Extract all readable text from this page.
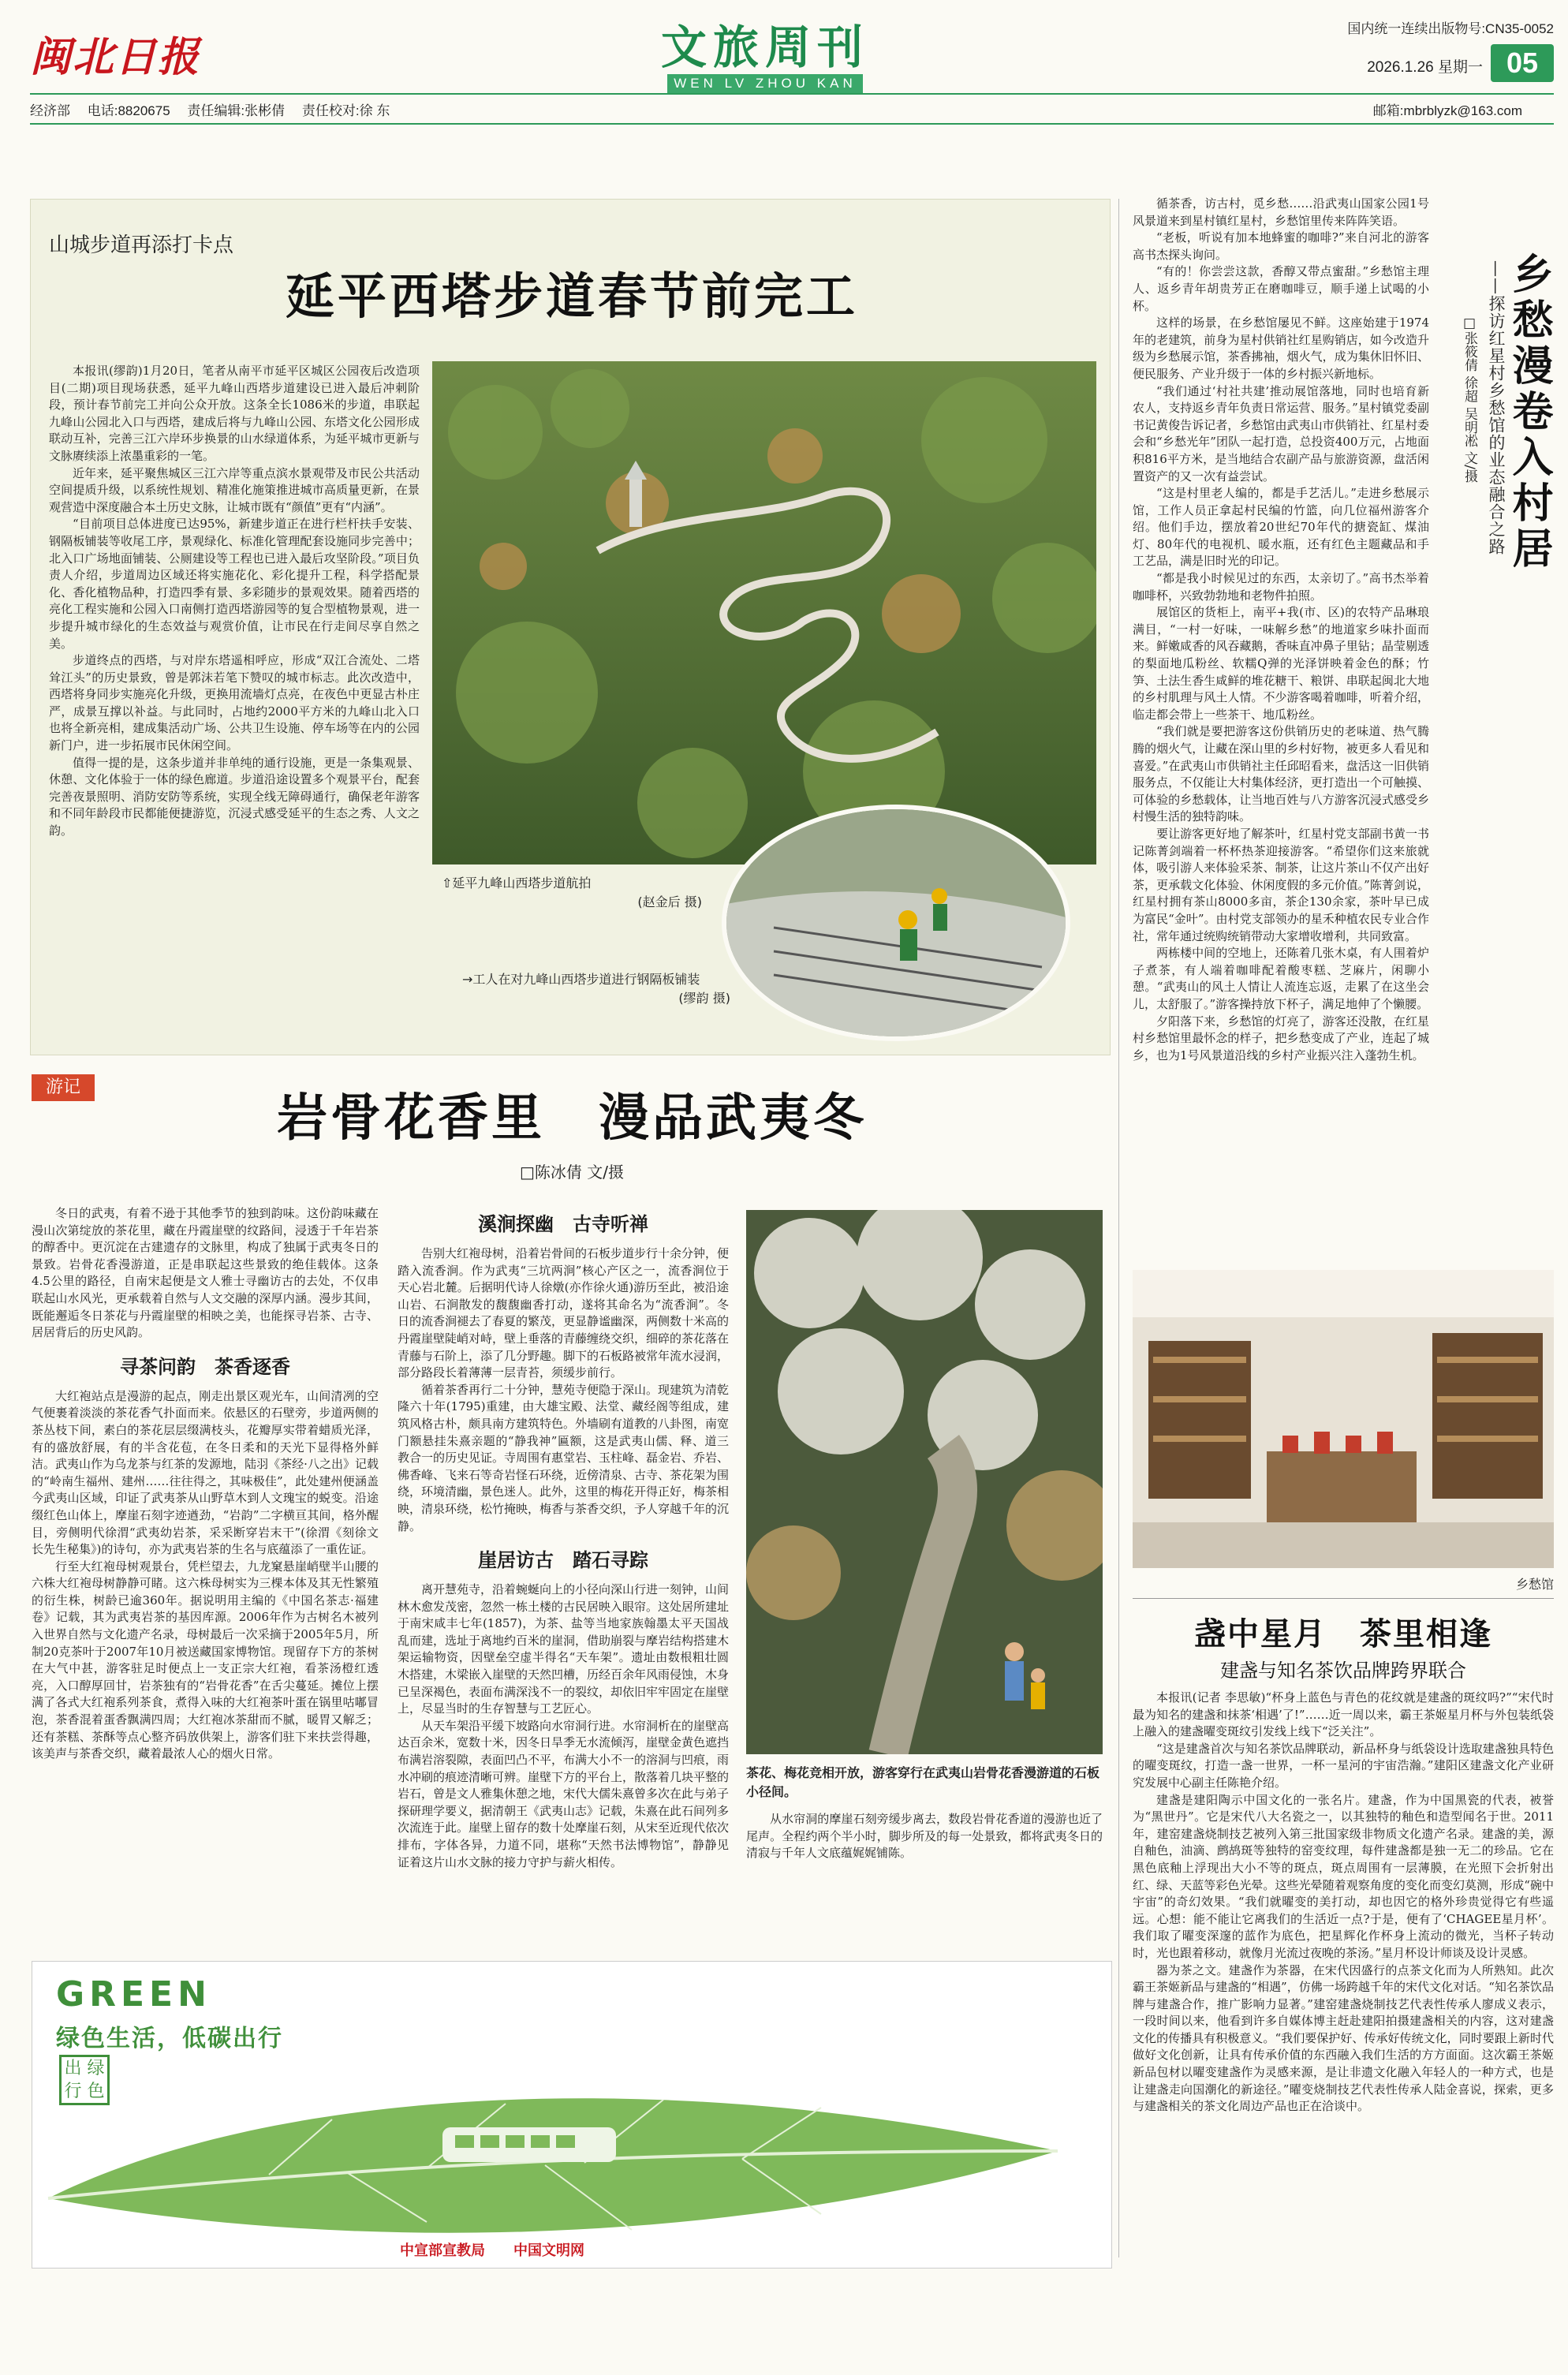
闽北日报	文旅周刊
WEN LV ZHOU KAN
国内统一连续出版物号:CN35-0052
2026.1.26 星期一 05
经济部  电话:8820675  责任编辑:张彬倩  责任校对:徐 东	邮箱:mbrblyzk@163.com
山城步道再添打卡点
延平西塔步道春节前完工

本报讯(缪韵)1月20日，笔者从南平市延平区城区公园夜后改造项目(二期)项目现场获悉，延平九峰山西塔步道建设已进入最后冲刺阶段，预计春节前完工并向公众开放。这条全长1086米的步道，串联起九峰山公园北入口与西塔，建成后将与九峰山公园、东塔文化公园形成联动互补，完善三江六岸环步换景的山水绿道体系，为延平城市更新与文脉赓续添上浓墨重彩的一笔。

近年来，延平聚焦城区三江六岸等重点滨水景观带及市民公共活动空间提质升级，以系统性规划、精准化施策推进城市高质量更新，在景观营造中深度融合本土历史文脉，让城市既有“颜值”更有“内涵”。

“目前项目总体进度已达95%，新建步道正在进行栏杆扶手安装、钢隔板铺装等收尾工序，景观绿化、标准化管理配套设施同步完善中；北入口广场地面铺装、公厕建设等工程也已进入最后攻坚阶段。”项目负责人介绍，步道周边区域还将实施花化、彩化提升工程，科学搭配景化、香化植物品种，打造四季有景、多彩随步的景观效果。随着西塔的亮化工程实施和公园入口南侧打造西塔游园等的复合型植物景观，进一步提升城市绿化的生态效益与观赏价值，让市民在行走间尽享自然之美。

步道终点的西塔，与对岸东塔遥相呼应，形成“双江合流处、二塔耸江头”的历史景致，曾是郭沫若笔下赞叹的城市标志。此次改造中，西塔将身同步实施亮化升级，更换用流墙灯点亮，在夜色中更显古朴庄严，成景互撑以补益。与此同时，占地约2000平方米的九峰山北入口也将全新亮相，建成集活动广场、公共卫生设施、停车场等在内的公园新门户，进一步拓展市民休闲空间。

值得一提的是，这条步道并非单纯的通行设施，更是一条集观景、休憩、文化体验于一体的绿色廊道。步道沿途设置多个观景平台，配套完善夜景照明、消防安防等系统，实现全线无障碍通行，确保老年游客和不同年龄段市民都能便捷游览，沉浸式感受延平的生态之秀、人文之韵。

⇧延平九峰山西塔步道航拍
(赵金后 摄)
→工人在对九峰山西塔步道进行钢隔板铺装
(缪韵 摄)
游记
岩骨花香里　漫品武夷冬
□陈冰倩 文/摄

冬日的武夷，有着不逊于其他季节的独到韵味。这份韵味藏在漫山次第绽放的茶花里，藏在丹霞崖壁的纹路间，浸透于千年岩茶的醇香中。更沉淀在古建遗存的文脉里，构成了独属于武夷冬日的景致。岩骨花香漫游道，正是串联起这些景致的绝佳载体。这条4.5公里的路径，自南宋起便是文人雅士寻幽访古的去处，不仅串联起山水风光，更承载着自然与人文交融的深厚内涵。漫步其间，既能邂逅冬日茶花与丹霞崖壁的相映之美，也能探寻岩茶、古寺、居居背后的历史风韵。

寻茶问韵　茶香逐香

大红袍站点是漫游的起点，刚走出景区观光车，山间清冽的空气便裹着淡淡的茶花香气扑面而来。依悬区的石壁旁，步道两侧的茶丛枝下间，素白的茶花层层缀满枝头，花瓣厚实带着蜡质光泽，有的盛放舒展，有的半含花苞，在冬日柔和的天光下显得格外鲜洁。武夷山作为乌龙茶与红茶的发源地，陆羽《茶经·八之出》记载的“岭南生福州、建州……往往得之，其味极佳”，此处建州便涵盖今武夷山区域，印证了武夷茶从山野草木到人文瑰宝的蜕变。沿途缀红色山体上，摩崖石刻字迹遒劲，“岩韵”二字横亘其间，格外醒目，旁侧明代徐渭“武夷幼岩茶，采采断穿岩末干”(徐渭《刻徐文长先生秘集》)的诗句，亦为武夷岩茶的生名与底蕴添了一重佐证。

行至大红袍母树观景台，凭栏望去，九龙窠悬崖峭壁半山腰的六株大红袍母树静静可睹。这六株母树实为三棵本体及其无性繁殖的衍生株，树龄已逾360年。据说明用主编的《中国名茶志·福建卷》记载，其为武夷岩茶的基因库源。2006年作为古树名木被列入世界自然与文化遗产名录，母树最后一次采摘于2005年5月，所制20克茶叶于2007年10月被送藏国家博物馆。现留存下方的茶树在大气中甚，游客驻足时便点上一支正宗大红袍，看茶汤橙红透亮，入口醇厚回甘，岩茶独有的“岩骨花香”在舌尖蔓延。摊位上摆满了各式大红袍系列茶食，煮得入味的大红袍茶叶蛋在锅里咕嘟冒泡，茶香混着蛋香飘满四周；大红袍冰茶甜而不腻，暖胃又解乏；还有茶糕、茶酥等点心整齐码放供架上，游客们驻下来扶尝得趣，该美声与茶香交织，藏着最浓人心的烟火日常。

溪涧探幽　古寺听禅

告别大红袍母树，沿着岩骨间的石板步道步行十余分钟，便踏入流香涧。作为武夷“三坑两涧”核心产区之一，流香涧位于天心岩北麓。后据明代诗人徐燉(亦作徐火通)游历至此，被沿途山岩、石涧散发的馥馥幽香打动，遂将其命名为“流香涧”。冬日的流香涧褪去了春夏的繁茂，更显静谧幽深，两侧数十米高的丹霞崖壁陡峭对峙，壁上垂落的青藤缠绕交织，细碎的茶花落在青藤与石阶上，添了几分野趣。脚下的石板路被常年流水浸润，部分路段长着薄薄一层青苔，须缓步前行。

循着茶香再行二十分钟，慧苑寺便隐于深山。现建筑为清乾隆六十年(1795)重建，由大雄宝殿、法堂、藏经阁等组成，建筑风格古朴，颇具南方建筑特色。外墙刷有道教的八卦图，南宽门额悬挂朱熹亲题的“静我神”匾额，这是武夷山儒、释、道三教合一的历史见证。寺周围有惠堂岩、玉柱峰、磊金岩、乔岩、佛香峰、飞来石等奇岩怪石环绕，近傍清泉、古寺、茶花架为围绕，环境清幽，景色迷人。此外，这里的梅花开得正好，梅茶相映，清泉环绕，松竹掩映，梅香与茶香交织，予人穿越千年的沉静。

崖居访古　踏石寻踪

离开慧苑寺，沿着蜿蜒向上的小径向深山行进一刻钟，山间林木愈发茂密，忽然一栋土楼的古民居映入眼帘。这处居所建址于南宋咸丰七年(1857)，为茶、盐等当地家族翰墨太平天国战乱而建，选址于离地约百米的崖洞，借助崩裂与摩岩结构搭建木架运输物资，因壁垒空虚半得名“天车架”。遗址由数根粗壮圆木搭建，木梁嵌入崖壁的天然凹槽，历经百余年风雨侵蚀，木身已呈深褐色，表面布满深浅不一的裂纹，却依旧牢牢固定在崖壁上，尽显当时的生存智慧与工艺匠心。

从天车架沿平缓下坡路向水帘洞行进。水帘洞析在的崖壁高达百余米，宽数十米，因冬日旱季无水流倾泻，崖壁金黄色遮挡布满岩溶裂隙，表面凹凸不平，布满大小不一的溶洞与凹痕，雨水冲刷的痕迹清晰可辨。崖壁下方的平台上，散落着几块平整的岩石，曾是文人雅集休憩之地，宋代大儒朱熹曾多次在此与弟子探研理学要义，据清朝王《武夷山志》记载，朱熹在此石间列多次流连于此。崖壁上留存的数十处摩崖石刻，从宋至近现代依次排布，字体各异，力道不同，堪称“天然书法博物馆”，静静见证着这片山水文脉的接力守护与薪火相传。

茶花、梅花竞相开放，游客穿行在武夷山岩骨花香漫游道的石板小径间。

从水帘洞的摩崖石刻旁缓步离去，数段岩骨花香道的漫游也近了尾声。全程约两个半小时，脚步所及的每一处景致，都将武夷冬日的清寂与千年人文底蕴娓娓铺陈。

GREEN
绿色生活，低碳出行
出 绿
行 色
中宣部宣教局 中国文明网

循茶香，访古村，觅乡愁……沿武夷山国家公园1号风景道来到星村镇红星村，乡愁馆里传来阵阵笑语。

“老板，听说有加本地蜂蜜的咖啡?”来自河北的游客高书杰探头询问。

“有的！你尝尝这款，香醇又带点蜜甜。”乡愁馆主理人、返乡青年胡贵芳正在磨咖啡豆，顺手递上试喝的小杯。

这样的场景，在乡愁馆屡见不鲜。这座始建于1974年的老建筑，前身为星村供销社红星购销店，如今改造升级为乡愁展示馆，茶香拂袖，烟火气，成为集休旧怀旧、便民服务、产业升级于一体的乡村振兴新地标。

“我们通过‘村社共建’推动展馆落地，同时也培育新农人，支持返乡青年负责日常运营、服务。”星村镇党委副书记黄俊告诉记者，乡愁馆由武夷山市供销社、红星村委会和“乡愁光年”团队一起打造，总投资400万元，占地面积816平方米，是当地结合农副产品与旅游资源，盘活闲置资产的又一次有益尝试。

“这是村里老人编的，都是手艺活儿。”走进乡愁展示馆，工作人员正拿起村民编的竹篮，向几位福州游客介绍。他们手边，摆放着20世纪70年代的搪瓷缸、煤油灯、80年代的电视机、暖水瓶，还有红色主题藏品和手工艺品，满是旧时光的印记。

“都是我小时候见过的东西，太亲切了。”高书杰举着咖啡杯，兴致勃勃地和老物件拍照。

展馆区的货柜上，南平+我(市、区)的农特产品琳琅满目，“一村一好味，一味解乡愁”的地道家乡味扑面而来。鲜嫩咸香的风吞藏鹅，香味直冲鼻子里钻；晶莹剔透的梨面地瓜粉丝、软糯Q弹的光泽饼映着金色的酥；竹笋、土法生香生咸鲜的堆花糖干、粮饼、串联起闽北大地的乡村肌理与风土人情。不少游客喝着咖啡，听着介绍，临走都会带上一些茶干、地瓜粉丝。

“我们就是要把游客这份供销历史的老味道、热气腾腾的烟火气，让藏在深山里的乡村好物，被更多人看见和喜爱。”在武夷山市供销社主任邱昭看来，盘活这一旧供销服务点，不仅能让大村集体经济，更打造出一个可触摸、可体验的乡愁载体，让当地百姓与八方游客沉浸式感受乡村慢生活的独特韵味。

要让游客更好地了解茶叶，红星村党支部副书黄一书记陈菁剑端着一杯杯热茶迎接游客。“希望你们这来旅就体，吸引游人来体验采茶、制茶，让这片茶山不仅产出好茶，更承载文化体验、休闲度假的多元价值。”陈菁剑说，红星村拥有茶山8000多亩，茶企130余家，茶叶早已成为富民“金叶”。由村党支部领办的星禾种植农民专业合作社，常年通过统购统销带动大家增收增利，共同致富。

两栋楼中间的空地上，还陈着几张木桌，有人围着炉子煮茶，有人端着咖啡配着酸枣糕、芝麻片，闲聊小憩。“武夷山的风土人情让人流连忘返，走累了在这坐会儿，太舒服了。”游客操持放下杯子，满足地伸了个懒腰。

夕阳落下来，乡愁馆的灯亮了，游客还没散，在红星村乡愁馆里最怀念的样子，把乡愁变成了产业，连起了城乡，也为1号风景道沿线的乡村产业振兴注入蓬勃生机。

乡愁漫卷入村居
——探访红星村乡愁馆的业态融合之路
□张筱倩 徐超 吴明凇 文/摄
乡愁馆
盏中星月　茶里相逢
建盏与知名茶饮品牌跨界联合

本报讯(记者 李思敏)“杯身上蓝色与青色的花纹就是建盏的斑纹吗?”“宋代时最为知名的建盏和抹茶‘相遇’了!”……近一周以来，霸王茶姬星月杯与外包装纸袋上融入的建盏曜变斑纹引发线上线下“泛关注”。

“这是建盏首次与知名茶饮品牌联动，新品杯身与纸袋设计选取建盏独具特色的曜变斑纹，打造一盏一世界，一杯一星河的宇宙浩瀚。”建阳区建盏文化产业研究发展中心副主任陈艳介绍。

建盏是建阳陶示中国文化的一张名片。建盏，作为中国黑瓷的代表，被誉为“黑世丹”。它是宋代八大名瓷之一，以其独特的釉色和造型闻名于世。2011年，建窑建盏烧制技艺被列入第三批国家级非物质文化遗产名录。建盏的美，源自釉色，油滴、鹧鸪斑等独特的窑变纹理，每件建盏都是独一无二的珍品。它在黑色底釉上浮现出大小不等的斑点，斑点周围有一层薄膜，在光照下会折射出红、绿、天蓝等彩色光晕。这些光晕随着观察角度的变化而变幻莫测，形成“碗中宇宙”的奇幻效果。“我们就曜变的美打动，却也因它的格外珍贵觉得它有些遥远。心想：能不能让它离我们的生活近一点?于是，便有了‘CHAGEE星月杯’。我们取了曜变深邃的蓝作为底色，把星辉化作杯身上流动的微光，当杯子转动时，光也跟着移动，就像月光流过夜晚的茶汤。”星月杯设计师谈及设计灵感。

器为茶之文。建盏作为茶器，在宋代因盛行的点茶文化而为人所熟知。此次霸王茶姬新品与建盏的“相遇”，仿佛一场跨越千年的宋代文化对话。“知名茶饮品牌与建盏合作，推广影响力显著。”建窑建盏烧制技艺代表性传承人廖成义表示，一段时间以来，他看到许多自媒体博主赶赴建阳拍摄建盏相关的内容，这对建盏文化的传播具有积极意义。“我们要保护好、传承好传统文化，同时要跟上新时代做好文化创新，让具有传承价值的东西融入我们生活的方方面面。这次霸王茶姬新品包材以曜变建盏作为灵感来源，是让非遗文化融入年轻人的一种方式，也是让建盏走向国潮化的新途径。”曜变烧制技艺代表性传承人陆金喜说，探索，更多与建盏相关的茶文化周边产品也正在洽谈中。
